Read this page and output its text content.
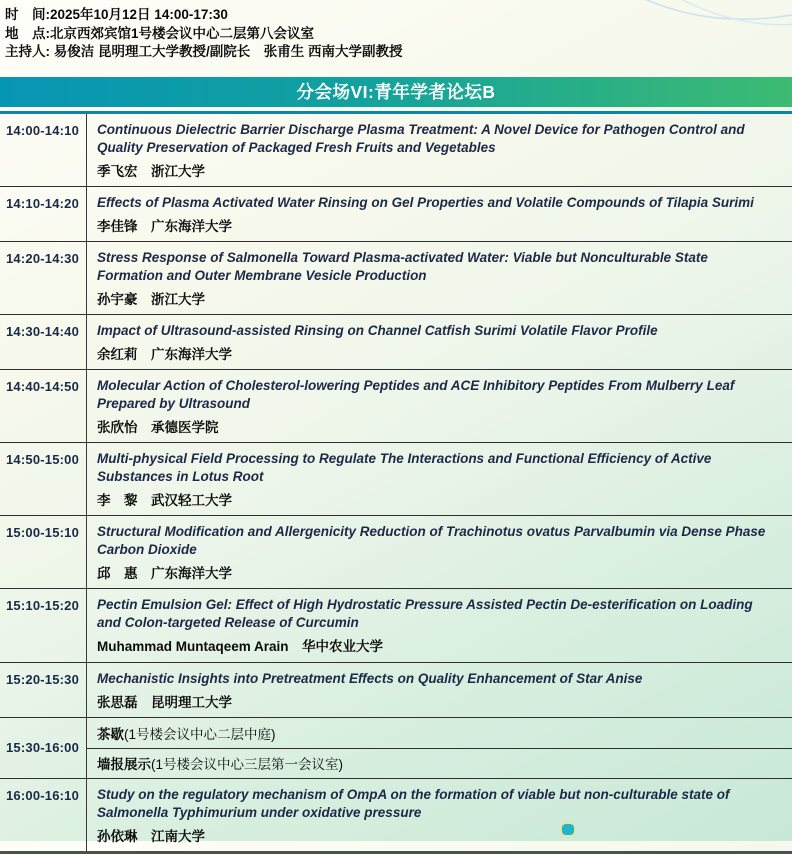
时　间:2025年10月12日 14:00-17:30
地　点:北京西郊宾馆1号楼会议中心二层第八会议室
主持人: 易俊洁 昆明理工大学教授/副院长　张甫生 西南大学副教授
分会场VI:青年学者论坛B
14:00-14:10	Continuous Dielectric Barrier Discharge Plasma Treatment: A Novel Device for Pathogen Control and Quality Preservation of Packaged Fresh Fruits and Vegetables
季飞宏　浙江大学
14:10-14:20	Effects of Plasma Activated Water Rinsing on Gel Properties and Volatile Compounds of Tilapia Surimi
李佳锋　广东海洋大学
14:20-14:30	Stress Response of Salmonella Toward Plasma-activated Water: Viable but Nonculturable State Formation and Outer Membrane Vesicle Production
孙宇豪　浙江大学
14:30-14:40	Impact of Ultrasound-assisted Rinsing on Channel Catfish Surimi Volatile Flavor Profile
余红莉　广东海洋大学
14:40-14:50	Molecular Action of Cholesterol-lowering Peptides and ACE Inhibitory Peptides From Mulberry Leaf Prepared by Ultrasound
张欣怡　承德医学院
14:50-15:00	Multi-physical Field Processing to Regulate The Interactions and Functional Efficiency of Active Substances in Lotus Root
李　黎　武汉轻工大学
15:00-15:10	Structural Modification and Allergenicity Reduction of Trachinotus ovatus Parvalbumin via Dense Phase Carbon Dioxide
邱　惠　广东海洋大学
15:10-15:20	Pectin Emulsion Gel: Effect of High Hydrostatic Pressure Assisted Pectin De-esterification on Loading and Colon-targeted Release of Curcumin
Muhammad Muntaqeem Arain　华中农业大学
15:20-15:30	Mechanistic Insights into Pretreatment Effects on Quality Enhancement of Star Anise
张思磊　昆明理工大学
15:30-16:00
茶歇 (1号楼会议中心二层中庭)
墙报展示 (1号楼会议中心三层第一会议室)
16:00-16:10	Study on the regulatory mechanism of OmpA on the formation of viable but non-culturable state of Salmonella Typhimurium under oxidative pressure
孙依琳　江南大学
